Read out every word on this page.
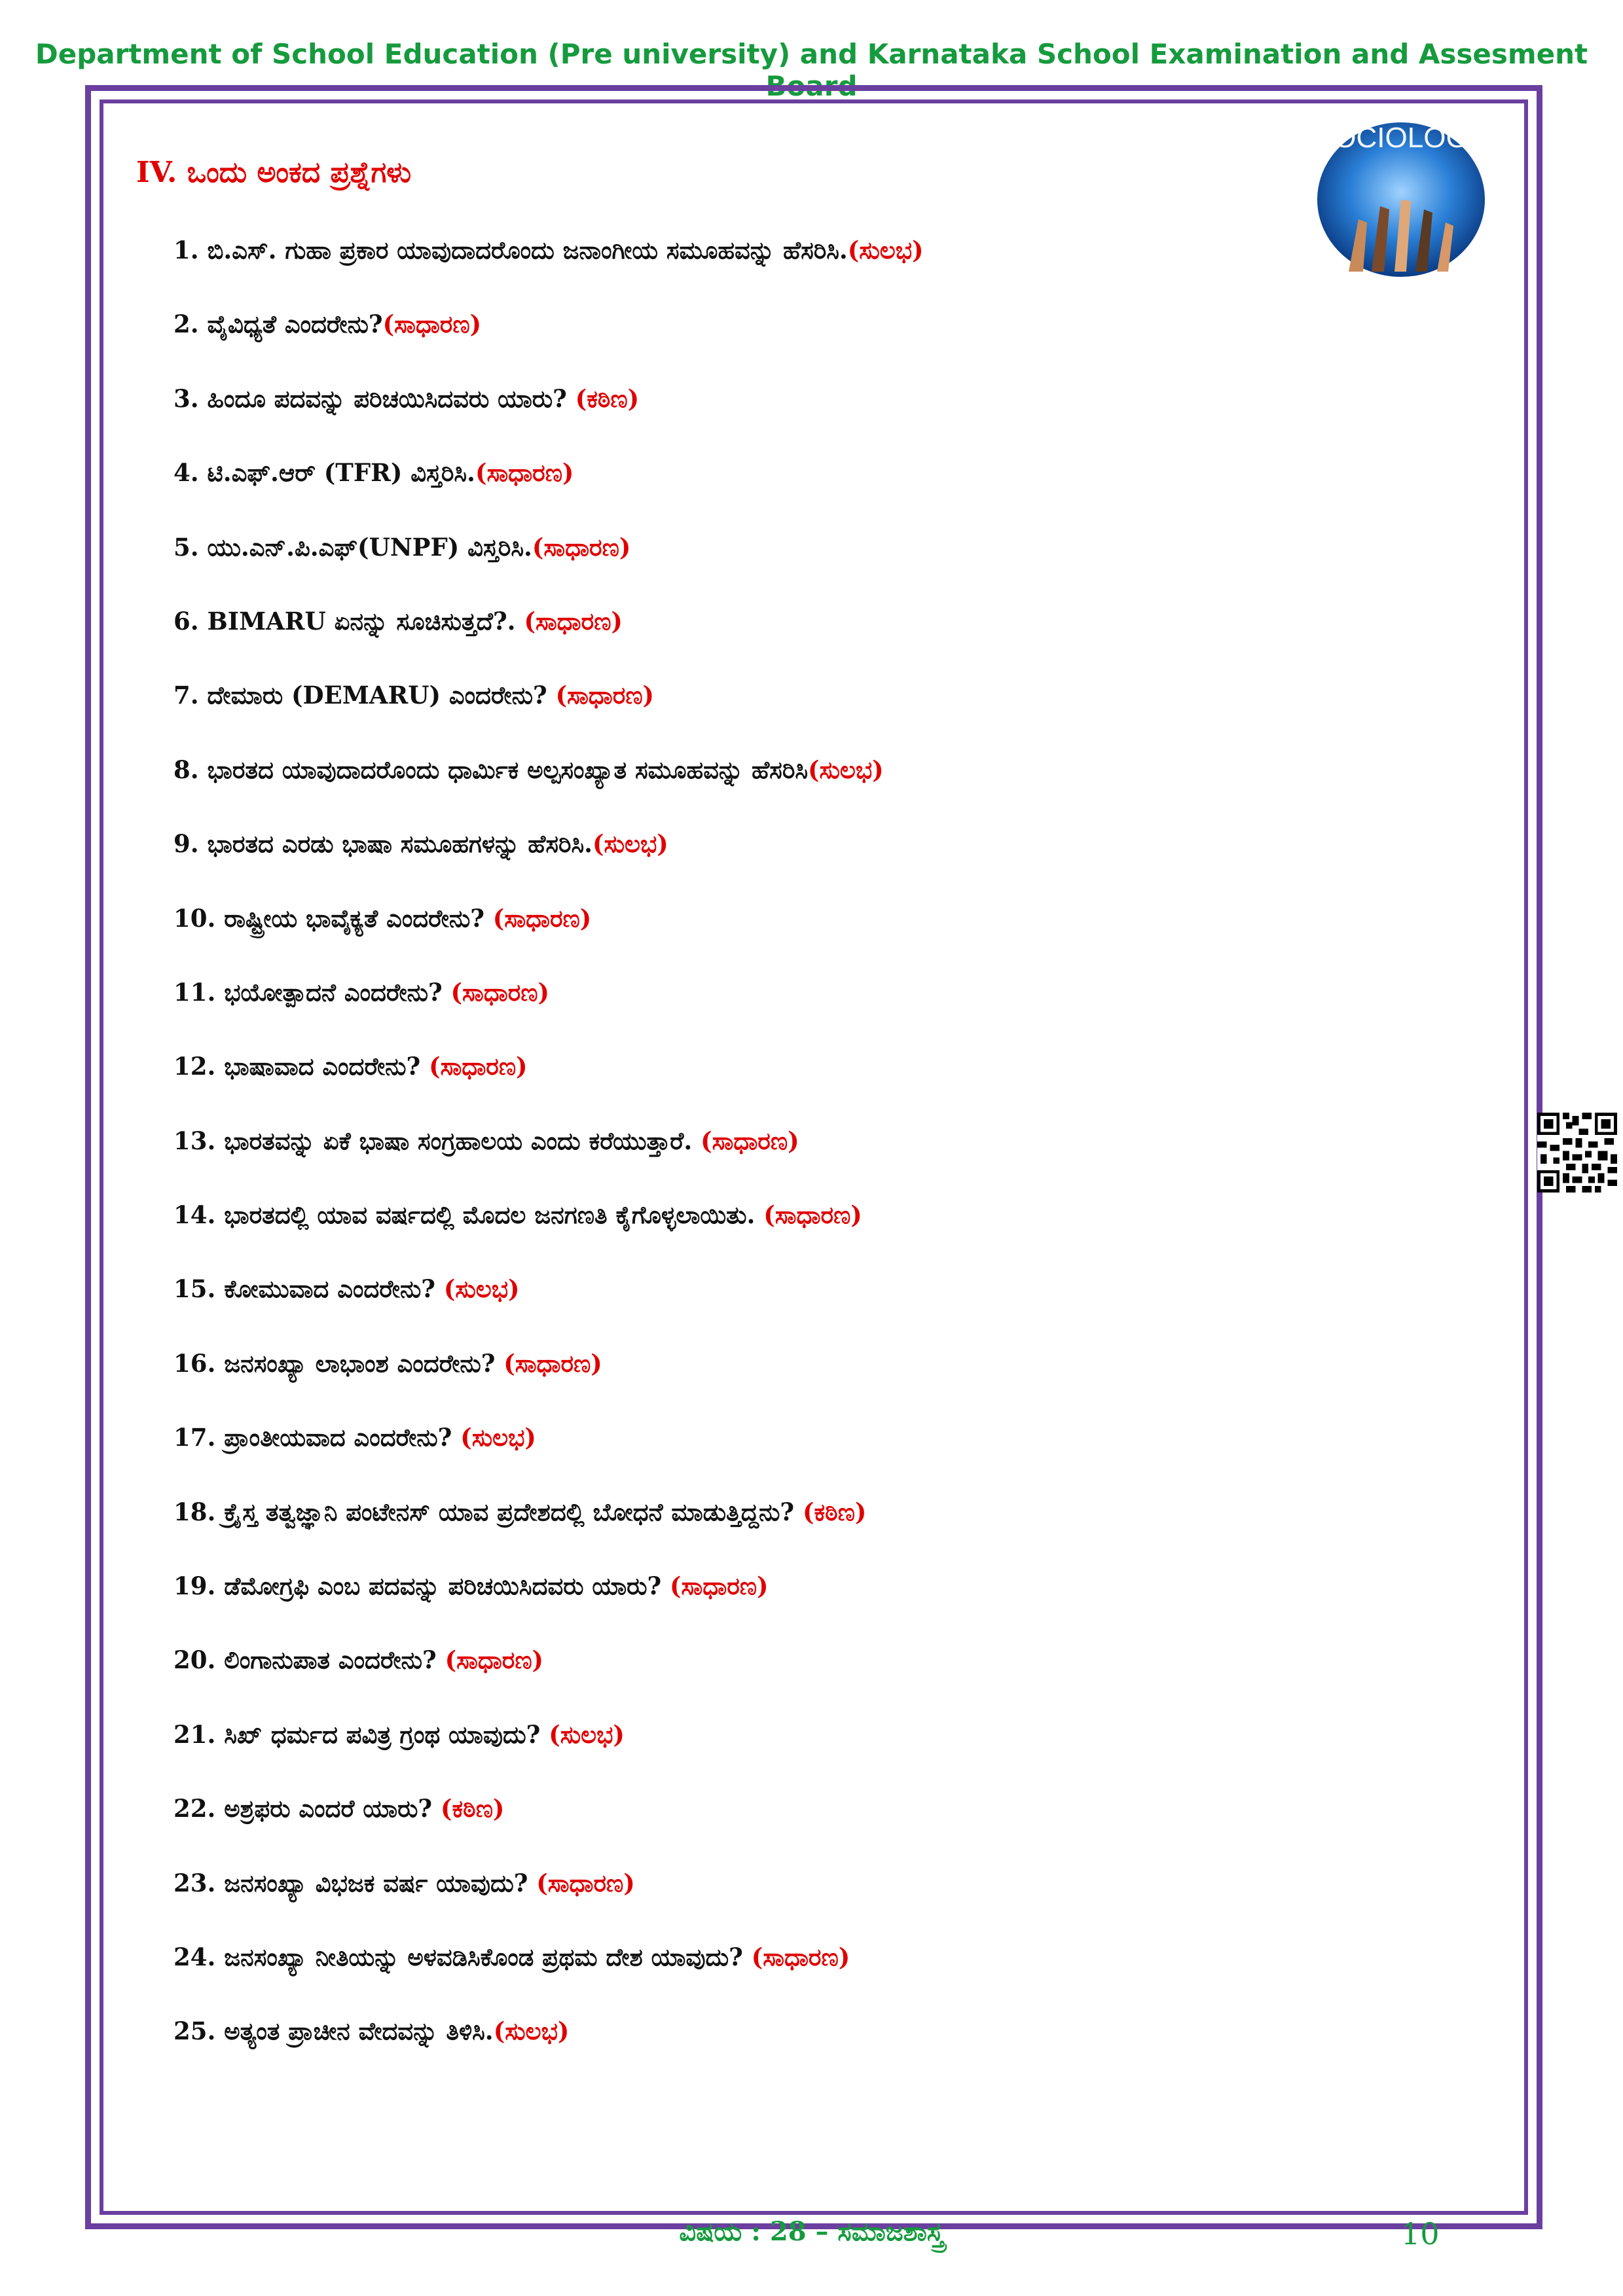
Department of School Education (Pre university) and Karnataka School Examination and Assesment Board
IV. ಒಂದು ಅಂಕದ ಪ್ರಶ್ನೆಗಳು
SOCIOLOGY
1. ಬಿ.ಎಸ್. ಗುಹಾ ಪ್ರಕಾರ ಯಾವುದಾದರೊಂದು ಜನಾಂಗೀಯ ಸಮೂಹವನ್ನು ಹೆಸರಿಸಿ.(ಸುಲಭ)
2. ವೈವಿಧ್ಯತೆ ಎಂದರೇನು?(ಸಾಧಾರಣ)
3. ಹಿಂದೂ ಪದವನ್ನು ಪರಿಚಯಿಸಿದವರು ಯಾರು? (ಕಠಿಣ)
4. ಟಿ.ಎಫ್.ಆರ್ (TFR) ವಿಸ್ತರಿಸಿ.(ಸಾಧಾರಣ)
5. ಯು.ಎನ್.ಪಿ.ಎಫ್(UNPF) ವಿಸ್ತರಿಸಿ.(ಸಾಧಾರಣ)
6. BIMARU ಏನನ್ನು ಸೂಚಿಸುತ್ತದೆ?. (ಸಾಧಾರಣ)
7. ದೇಮಾರು (DEMARU) ಎಂದರೇನು? (ಸಾಧಾರಣ)
8. ಭಾರತದ ಯಾವುದಾದರೊಂದು ಧಾರ್ಮಿಕ ಅಲ್ಪಸಂಖ್ಯಾತ ಸಮೂಹವನ್ನು ಹೆಸರಿಸಿ(ಸುಲಭ)
9. ಭಾರತದ ಎರಡು ಭಾಷಾ ಸಮೂಹಗಳನ್ನು ಹೆಸರಿಸಿ.(ಸುಲಭ)
10. ರಾಷ್ಟ್ರೀಯ ಭಾವೈಕ್ಯತೆ ಎಂದರೇನು? (ಸಾಧಾರಣ)
11. ಭಯೋತ್ಪಾದನೆ ಎಂದರೇನು? (ಸಾಧಾರಣ)
12. ಭಾಷಾವಾದ ಎಂದರೇನು? (ಸಾಧಾರಣ)
13. ಭಾರತವನ್ನು ಏಕೆ ಭಾಷಾ ಸಂಗ್ರಹಾಲಯ ಎಂದು ಕರೆಯುತ್ತಾರೆ. (ಸಾಧಾರಣ)
14. ಭಾರತದಲ್ಲಿ ಯಾವ ವರ್ಷದಲ್ಲಿ ಮೊದಲ ಜನಗಣತಿ ಕೈಗೊಳ್ಳಲಾಯಿತು. (ಸಾಧಾರಣ)
15. ಕೋಮುವಾದ ಎಂದರೇನು? (ಸುಲಭ)
16. ಜನಸಂಖ್ಯಾ ಲಾಭಾಂಶ ಎಂದರೇನು? (ಸಾಧಾರಣ)
17. ಪ್ರಾಂತೀಯವಾದ ಎಂದರೇನು? (ಸುಲಭ)
18. ಕ್ರೈಸ್ತ ತತ್ವಜ್ಞಾನಿ ಪಂಟೇನಸ್ ಯಾವ ಪ್ರದೇಶದಲ್ಲಿ ಬೋಧನೆ ಮಾಡುತ್ತಿದ್ದನು? (ಕಠಿಣ)
19. ಡೆಮೋಗ್ರಫಿ ಎಂಬ ಪದವನ್ನು ಪರಿಚಯಿಸಿದವರು ಯಾರು? (ಸಾಧಾರಣ)
20. ಲಿಂಗಾನುಪಾತ ಎಂದರೇನು? (ಸಾಧಾರಣ)
21. ಸಿಖ್ ಧರ್ಮದ ಪವಿತ್ರ ಗ್ರಂಥ ಯಾವುದು? (ಸುಲಭ)
22. ಅಶ್ರಫರು ಎಂದರೆ ಯಾರು? (ಕಠಿಣ)
23. ಜನಸಂಖ್ಯಾ ವಿಭಜಕ ವರ್ಷ ಯಾವುದು? (ಸಾಧಾರಣ)
24. ಜನಸಂಖ್ಯಾ ನೀತಿಯನ್ನು ಅಳವಡಿಸಿಕೊಂಡ ಪ್ರಥಮ ದೇಶ ಯಾವುದು? (ಸಾಧಾರಣ)
25. ಅತ್ಯಂತ ಪ್ರಾಚೀನ ವೇದವನ್ನು ತಿಳಿಸಿ.(ಸುಲಭ)
ವಿಷಯ : 28 – ಸಮಾಜಶಾಸ್ತ್ರ	10
